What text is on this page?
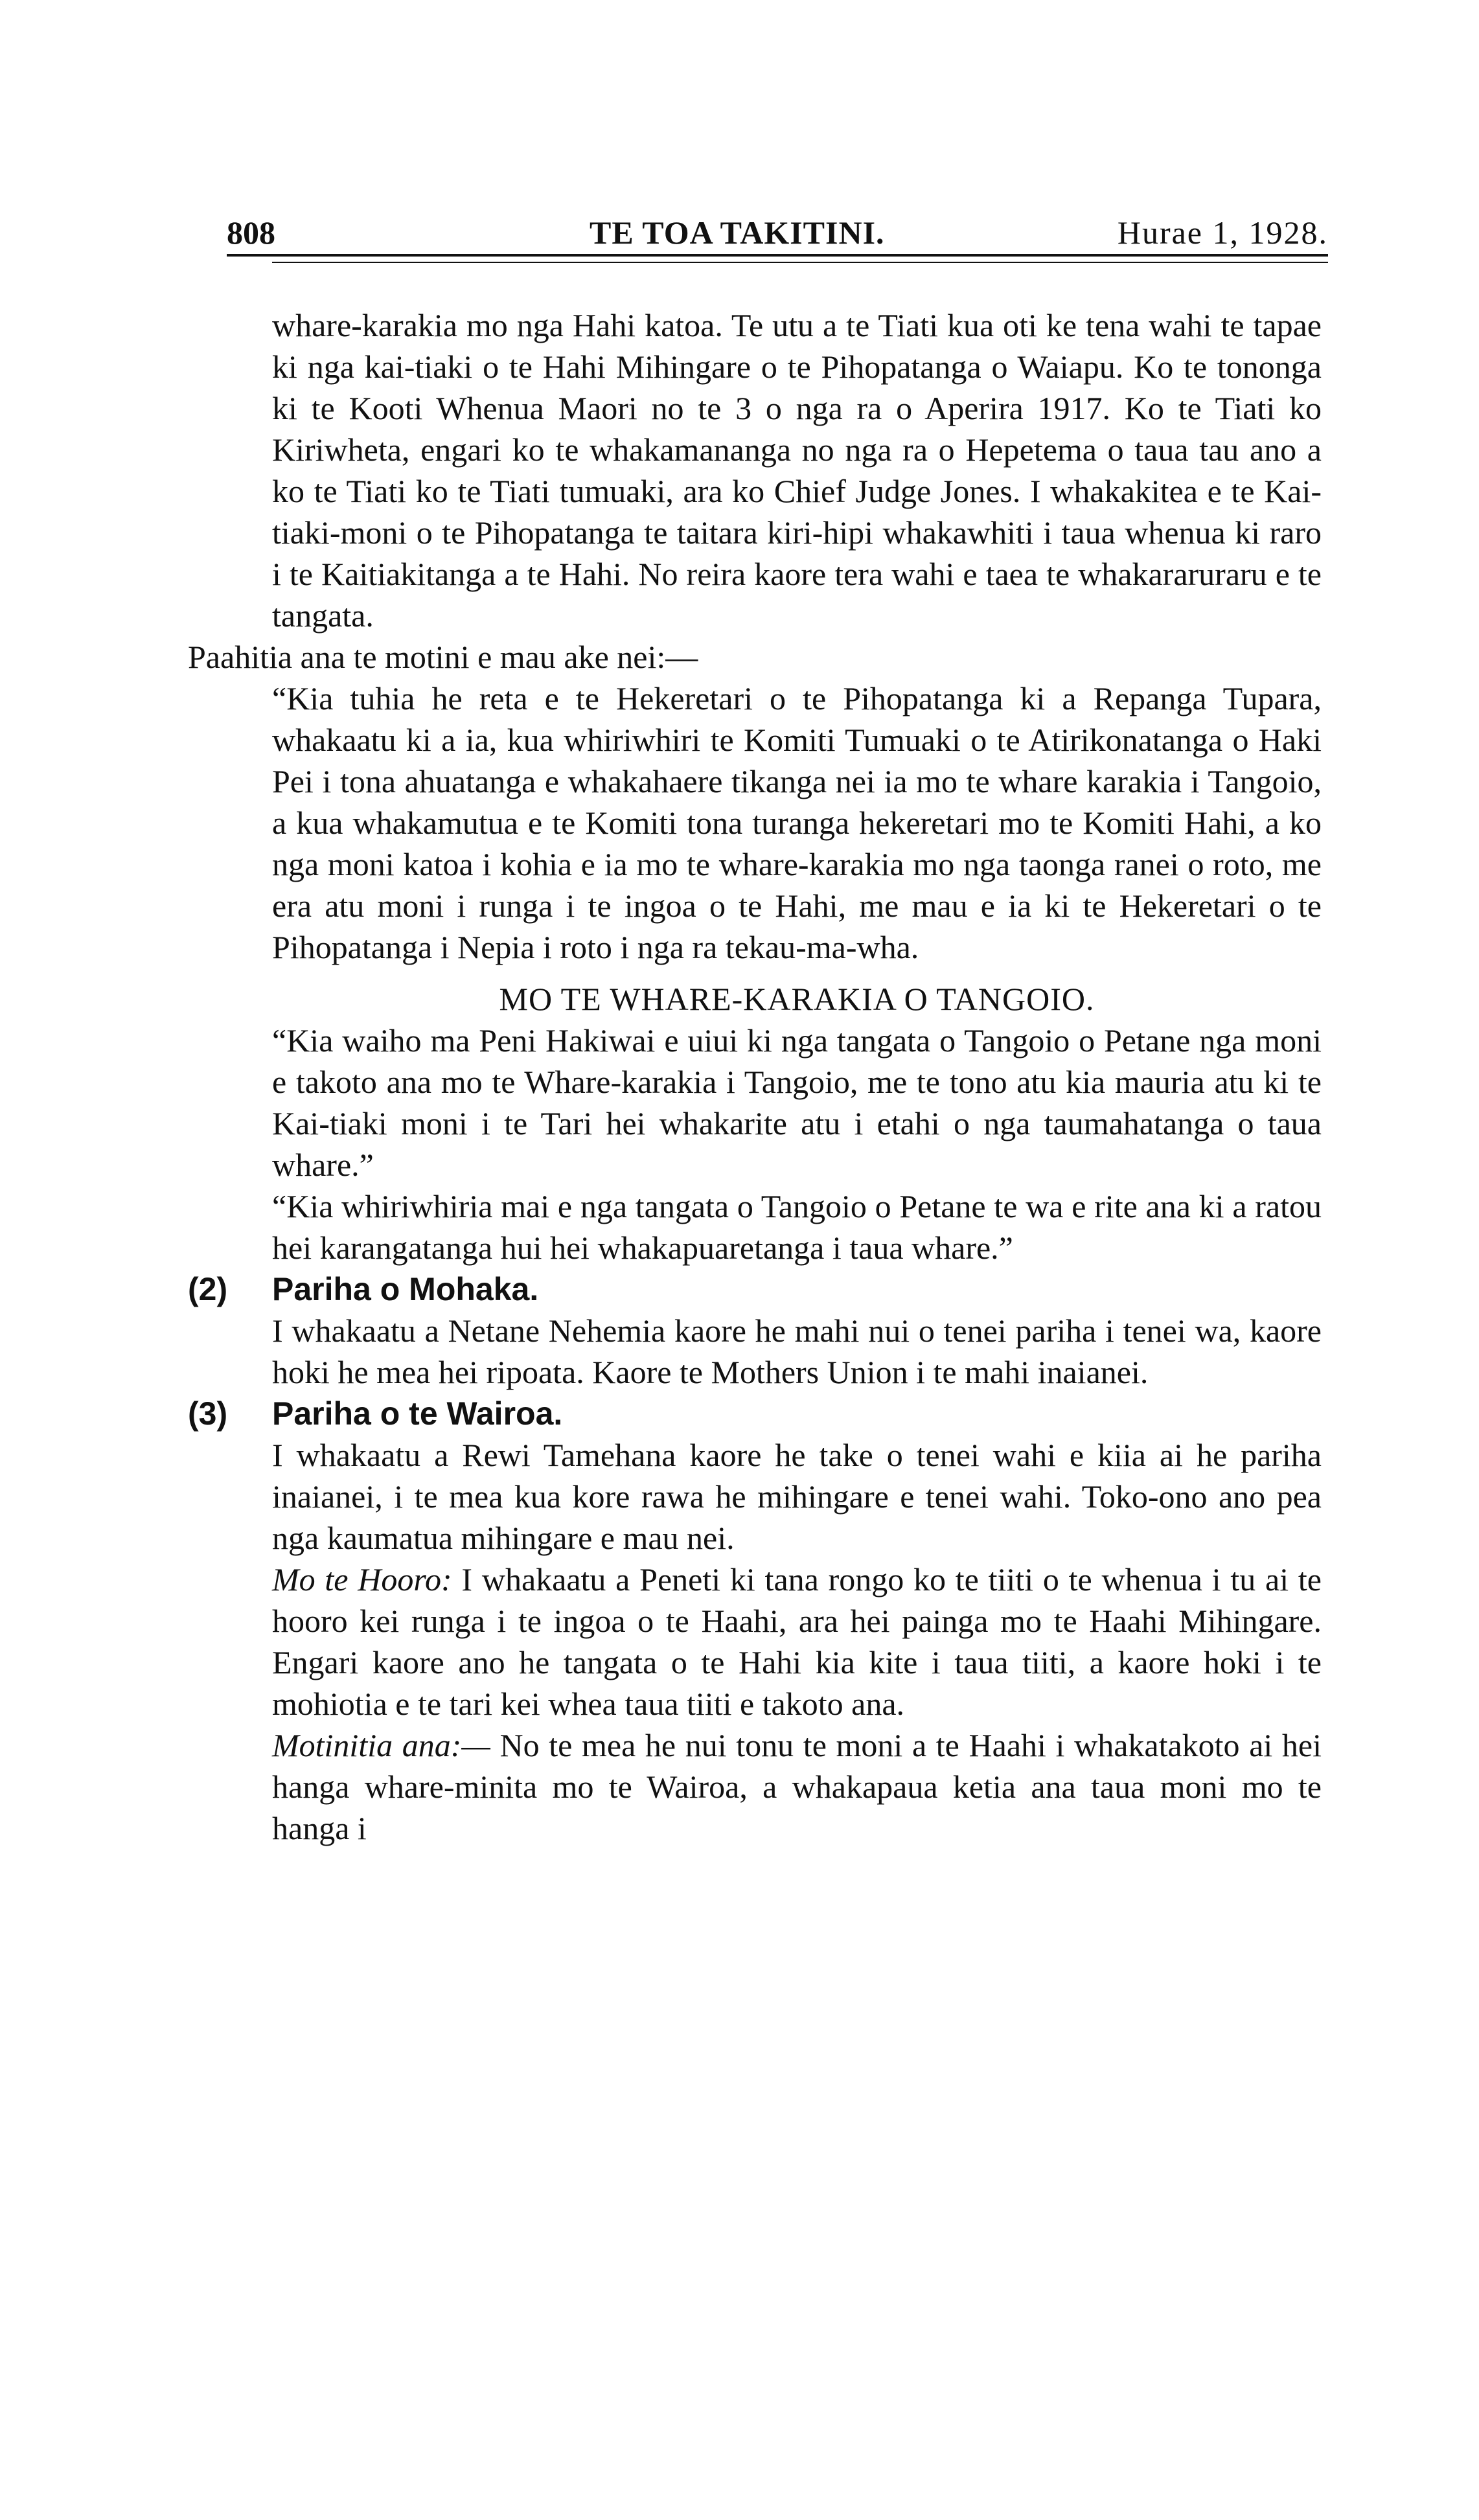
808	TE TOA TAKITINI.	Hurae 1, 1928.

whare-karakia mo nga Hahi katoa. Te utu a te Tiati kua oti ke tena wahi te tapae ki nga kai-tiaki o te Hahi Mihingare o te Pihopatanga o Waiapu. Ko te tononga ki te Kooti Whenua Maori no te 3 o nga ra o Aperira 1917. Ko te Tiati ko Kiriwheta, engari ko te whakamananga no nga ra o Hepetema o taua tau ano a ko te Tiati ko te Tiati tumuaki, ara ko Chief Judge Jones. I whakakitea e te Kai-tiaki-moni o te Pihopatanga te taitara kiri-hipi whakawhiti i taua whenua ki raro i te Kaitiakitanga a te Hahi. No reira kaore tera wahi e taea te whakararuraru e te tangata.

Paahitia ana te motini e mau ake nei:—

“Kia tuhia he reta e te Hekeretari o te Pihopatanga ki a Repanga Tupara, whakaatu ki a ia, kua whiriwhiri te Komiti Tumuaki o te Atirikonatanga o Haki Pei i tona ahuatanga e whakahaere tikanga nei ia mo te whare karakia i Tangoio, a kua whakamutua e te Komiti tona turanga hekeretari mo te Komiti Hahi, a ko nga moni katoa i kohia e ia mo te whare-karakia mo nga taonga ranei o roto, me era atu moni i runga i te ingoa o te Hahi, me mau e ia ki te Hekeretari o te Pihopatanga i Nepia i roto i nga ra tekau-ma-wha.

MO TE WHARE-KARAKIA O TANGOIO.

“Kia waiho ma Peni Hakiwai e uiui ki nga tangata o Tangoio o Petane nga moni e takoto ana mo te Whare-karakia i Tangoio, me te tono atu kia mauria atu ki te Kai-tiaki moni i te Tari hei whakarite atu i etahi o nga taumahatanga o taua whare.”

“Kia whiriwhiria mai e nga tangata o Tangoio o Petane te wa e rite ana ki a ratou hei karangatanga hui hei whakapuaretanga i taua whare.”

(2) Pariha o Mohaka.

I whakaatu a Netane Nehemia kaore he mahi nui o tenei pariha i tenei wa, kaore hoki he mea hei ripoata. Kaore te Mothers Union i te mahi inaianei.

(3) Pariha o te Wairoa.

I whakaatu a Rewi Tamehana kaore he take o tenei wahi e kiia ai he pariha inaianei, i te mea kua kore rawa he mihingare e tenei wahi. Toko-ono ano pea nga kaumatua mihingare e mau nei.

Mo te Hooro: I whakaatu a Peneti ki tana rongo ko te tiiti o te whenua i tu ai te hooro kei runga i te ingoa o te Haahi, ara hei painga mo te Haahi Mihingare. Engari kaore ano he tangata o te Hahi kia kite i taua tiiti, a kaore hoki i te mohiotia e te tari kei whea taua tiiti e takoto ana.

Motinitia ana:— No te mea he nui tonu te moni a te Haahi i whakatakoto ai hei hanga whare-minita mo te Wairoa, a whakapaua ketia ana taua moni mo te hanga i
